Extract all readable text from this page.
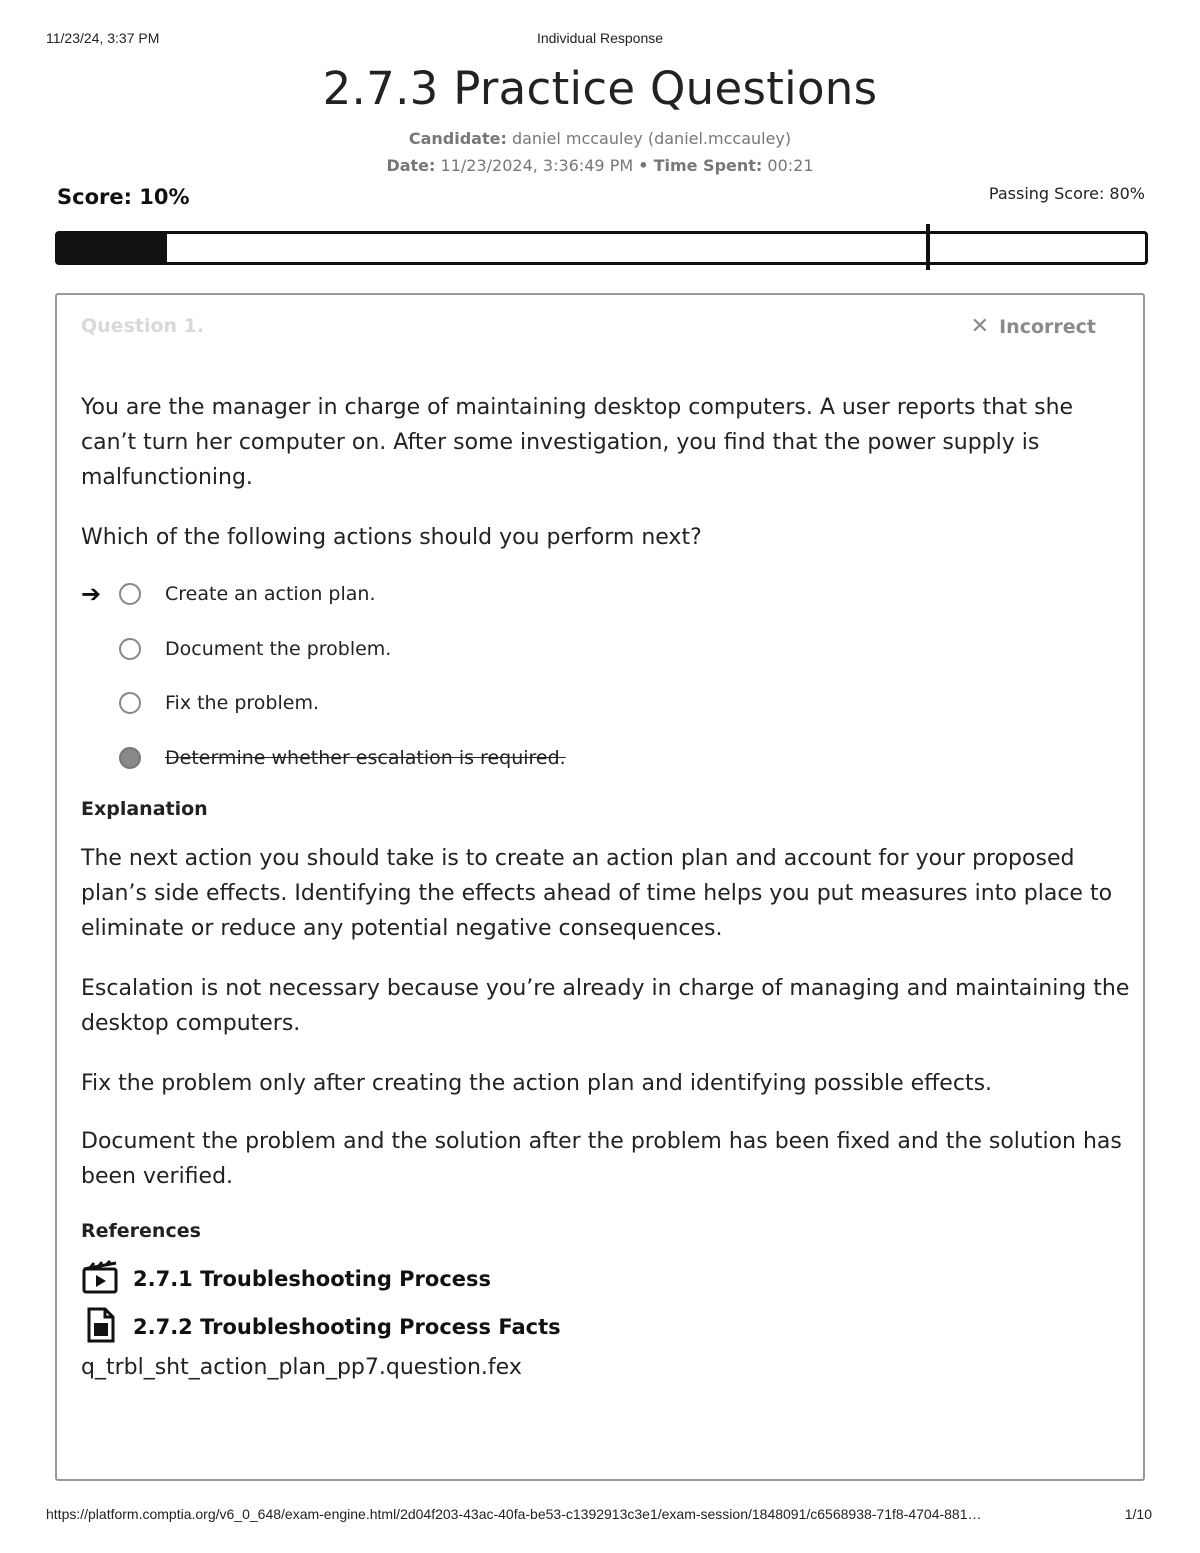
11/23/24, 3:37 PM	Individual Response
2.7.3 Practice Questions
Candidate: daniel mccauley (daniel.mccauley)
Date: 11/23/2024, 3:36:49 PM • Time Spent: 00:21
Score: 10%	Passing Score: 80%
Question 1.	✕ Incorrect

You are the manager in charge of maintaining desktop computers. A user reports that she can’t turn her computer on. After some investigation, you find that the power supply is malfunctioning.

Which of the following actions should you perform next?

➔	Create an action plan.
Document the problem.
Fix the problem.
Determine whether escalation is required.
Explanation

The next action you should take is to create an action plan and account for your proposed plan’s side effects. Identifying the effects ahead of time helps you put measures into place to eliminate or reduce any potential negative consequences.

Escalation is not necessary because you’re already in charge of managing and maintaining the desktop computers.

Fix the problem only after creating the action plan and identifying possible effects.

Document the problem and the solution after the problem has been fixed and the solution has been verified.

References
2.7.1 Troubleshooting Process
2.7.2 Troubleshooting Process Facts
q_trbl_sht_action_plan_pp7.question.fex
https://platform.comptia.org/v6_0_648/exam-engine.html/2d04f203-43ac-40fa-be53-c1392913c3e1/exam-session/1848091/c6568938-71f8-4704-881…	1/10
